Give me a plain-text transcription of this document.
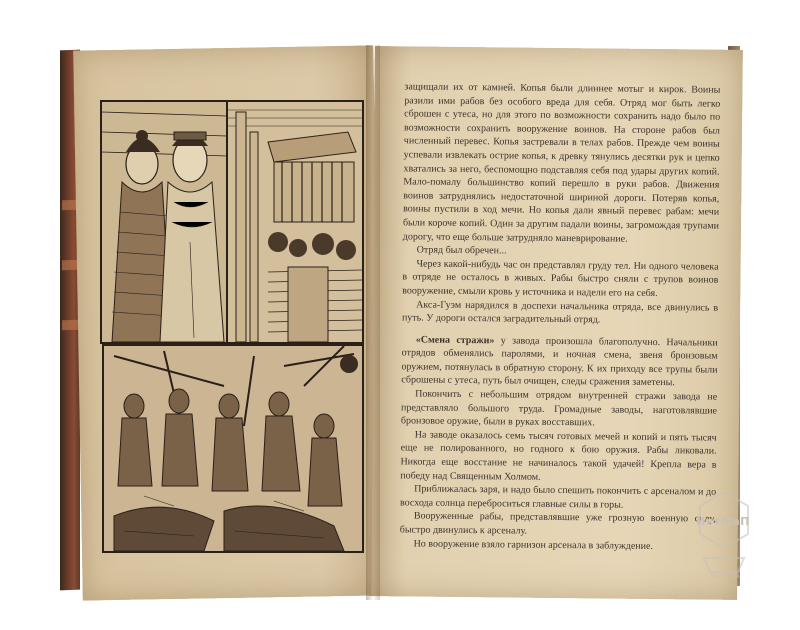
защищали их от камней. Копья были длиннее мотыг и кирок. Воины разили ими рабов без особого вреда для себя. Отряд мог быть легко сброшен с утеса, но для этого по возможности сохранить надо было по возможности сохранить вооружение воинов. На стороне рабов был численный перевес. Копья застревали в телах рабов. Прежде чем воины успевали извлекать острие копья, к древку тянулись десятки рук и цепко хватались за него, беспомощно подставляя себя под удары других копий. Мало-помалу большинство копий перешло в руки рабов. Движения воинов затруднялись недостаточной шириной дороги. Потеряв копья, воины пустили в ход мечи. Но копья дали явный перевес рабам: мечи были короче копий. Один за другим падали воины, загромождая трупами дорогу, что еще больше затрудняло маневрирование.

Отряд был обречен...

Через какой-нибудь час он представлял груду тел. Ни одного человека в отряде не осталось в живых. Рабы быстро сняли с трупов воинов вооружение, смыли кровь у источника и надели его на себя.

Акса-Гуэм нарядился в доспехи начальника отряда, все двинулись в путь. У дороги остался заградительный отряд.

«Смена стражи» у завода произошла благополучно. Начальники отрядов обменялись паролями, и ночная смена, звеня бронзовым оружием, потянулась в обратную сторону. К их приходу все трупы были сброшены с утеса, путь был очищен, следы сражения заметены.

Покончить с небольшим отрядом внутренней стражи завода не представляло большого труда. Громадные заводы, наготовлявшие бронзовое оружие, были в руках восставших.

На заводе оказалось семь тысяч готовых мечей и копий и пять тысяч еще не полированного, но годного к бою оружия. Рабы ликовали. Никогда еще восстание не начиналось такой удачей! Крепла вера в победу над Священным Холмом.

Приближалась заря, и надо было спешить покончить с арсеналом и до восхода солнца переброситься главные силы в горы.

Вооруженные рабы, представлявшие уже грозную военную силу, быстро двинулись к арсеналу.

Но вооружение взяло гарнизон арсенала в заблуждение.

ИнтМаП
